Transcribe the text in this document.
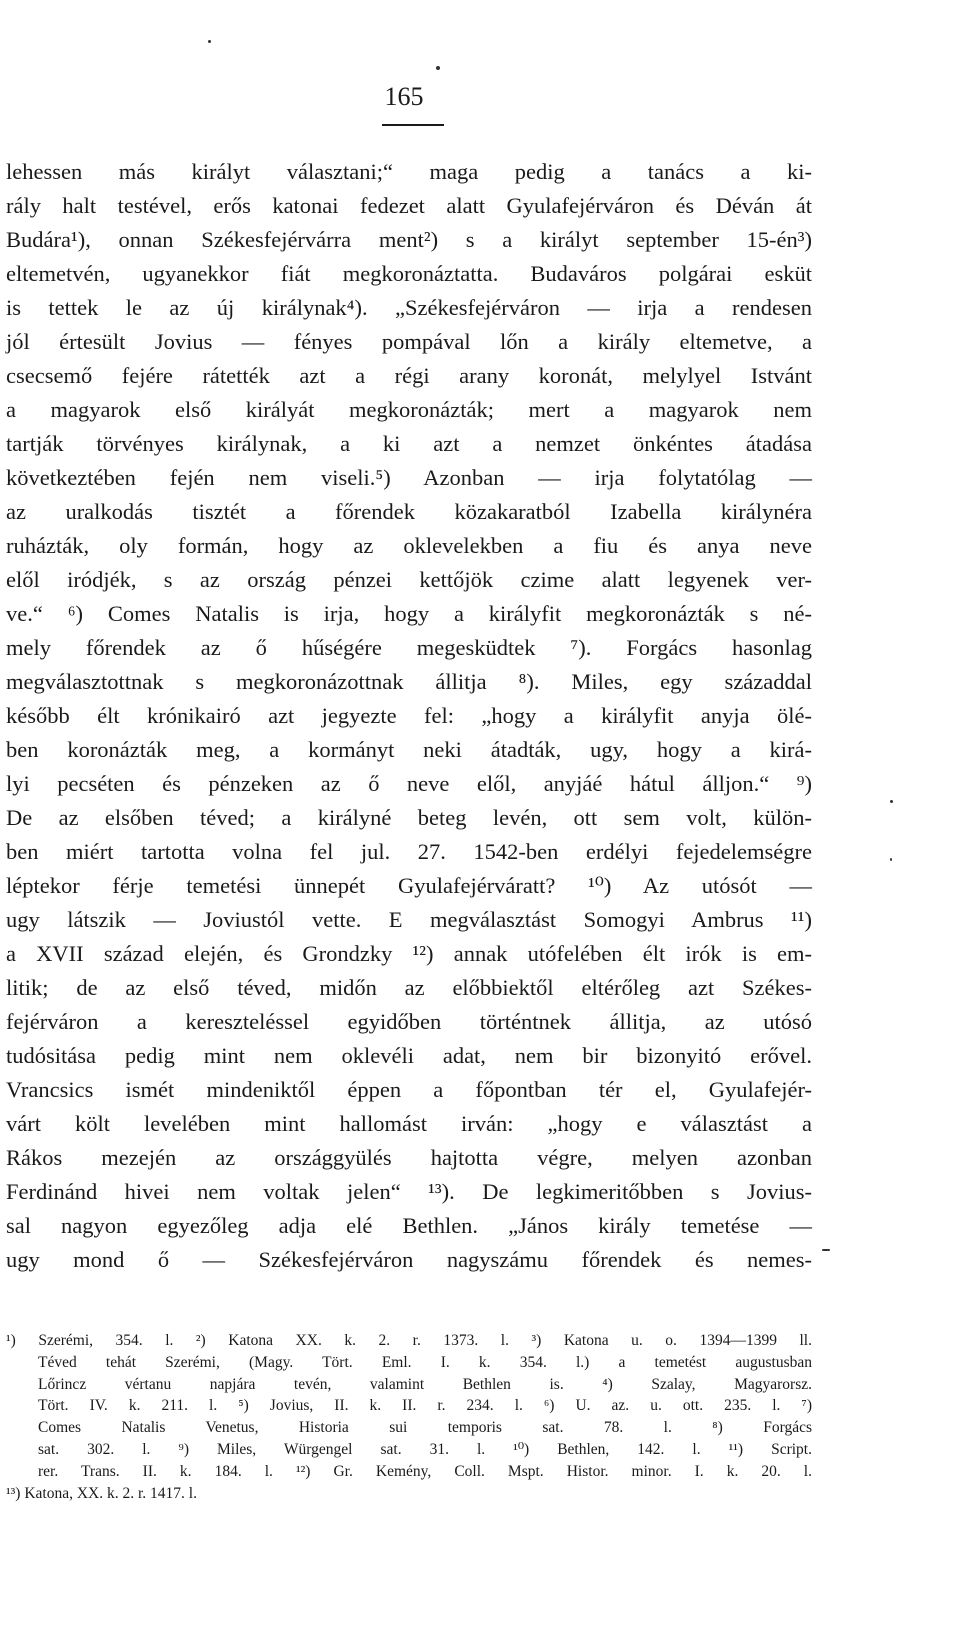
165
lehessen más királyt választani;“ maga pedig a tanács a ki-
rály halt testével, erős katonai fedezet alatt Gyulafejérváron és Déván át
Budára¹), onnan Székesfejérvárra ment²) s a királyt september 15-én³)
eltemetvén, ugyanekkor fiát megkoronáztatta. Budaváros polgárai esküt
is tettek le az új királynak⁴). „Székesfejérváron — irja a rendesen
jól értesült Jovius — fényes pompával lőn a király eltemetve, a
csecsemő fejére rátették azt a régi arany koronát, melylyel Istvánt
a magyarok első királyát megkoronázták; mert a magyarok nem
tartják törvényes királynak, a ki azt a nemzet önkéntes átadása
következtében fején nem viseli.⁵) Azonban — irja folytatólag —
az uralkodás tisztét a főrendek közakaratból Izabella királynéra
ruházták, oly formán, hogy az oklevelekben a fiu és anya neve
elől iródjék, s az ország pénzei kettőjök czime alatt legyenek ver-
ve.“ ⁶) Comes Natalis is irja, hogy a királyfit megkoronázták s né-
mely főrendek az ő hűségére megesküdtek ⁷). Forgács hasonlag
megválasztottnak s megkoronázottnak állitja ⁸). Miles, egy századdal
később élt krónikairó azt jegyezte fel: „hogy a királyfit anyja ölé-
ben koronázták meg, a kormányt neki átadták, ugy, hogy a kirá-
lyi pecséten és pénzeken az ő neve elől, anyjáé hátul álljon.“ ⁹)
De az elsőben téved; a királyné beteg levén, ott sem volt, külön-
ben miért tartotta volna fel jul. 27. 1542-ben erdélyi fejedelemségre
léptekor férje temetési ünnepét Gyulafejérváratt? ¹⁰) Az utósót —
ugy látszik — Joviustól vette. E megválasztást Somogyi Ambrus ¹¹)
a XVII század elején, és Grondzky ¹²) annak utófelében élt irók is em-
litik; de az első téved, midőn az előbbiektől eltérőleg azt Székes-
fejérváron a kereszteléssel egyidőben történtnek állitja, az utósó
tudósitása pedig mint nem oklevéli adat, nem bir bizonyitó erővel.
Vrancsics ismét mindeniktől éppen a főpontban tér el, Gyulafejér-
várt költ levelében mint hallomást irván: „hogy e választást a
Rákos mezején az országgyülés hajtotta végre, melyen azonban
Ferdinánd hivei nem voltak jelen“ ¹³). De legkimeritőbben s Jovius-
sal nagyon egyezőleg adja elé Bethlen. „János király temetése —
ugy mond ő — Székesfejérváron nagyszámu főrendek és nemes-
¹) Szerémi, 354. l. ²) Katona XX. k. 2. r. 1373. l. ³) Katona u. o. 1394—1399 ll.
Téved tehát Szerémi, (Magy. Tört. Eml. I. k. 354. l.) a temetést augustusban
Lőrincz vértanu napjára tevén, valamint Bethlen is. ⁴) Szalay, Magyarorsz.
Tört. IV. k. 211. l. ⁵) Jovius, II. k. II. r. 234. l. ⁶) U. az. u. ott. 235. l. ⁷)
Comes Natalis Venetus, Historia sui temporis sat. 78. l. ⁸) Forgács
sat. 302. l. ⁹) Miles, Würgengel sat. 31. l. ¹⁰) Bethlen, 142. l. ¹¹) Script.
rer. Trans. II. k. 184. l. ¹²) Gr. Kemény, Coll. Mspt. Histor. minor. I. k. 20. l.
¹³) Katona, XX. k. 2. r. 1417. l.
